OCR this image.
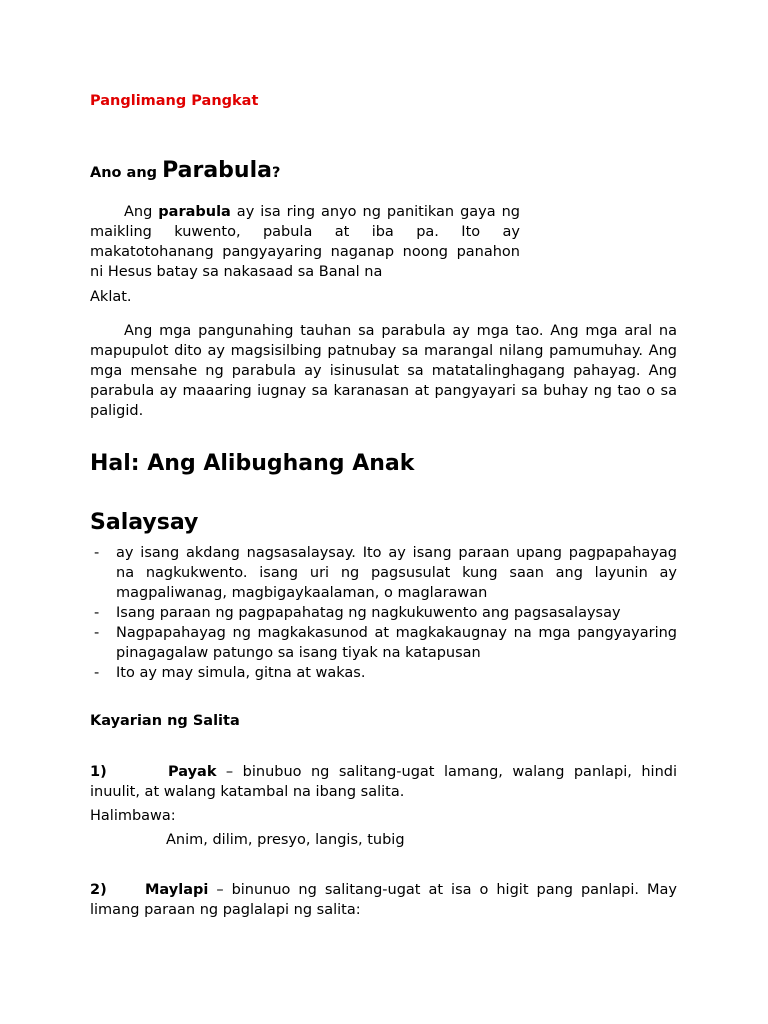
Panglimang Pangkat
Ano ang Parabula?
Ang parabula ay isa ring anyo ng panitikan gaya ng maikling kuwento, pabula at iba pa. Ito ay makatotohanang pangyayaring naganap noong panahon ni Hesus batay sa nakasaad sa Banal na
Aklat.
Ang mga pangunahing tauhan sa parabula ay mga tao. Ang mga aral na mapupulot dito ay magsisilbing patnubay sa marangal nilang pamumuhay. Ang mga mensahe ng parabula ay isinusulat sa matatalinghagang pahayag. Ang parabula ay maaaring iugnay sa karanasan at pangyayari sa buhay ng tao o sa paligid.
Hal: Ang Alibughang Anak
Salaysay
- ay isang akdang nagsasalaysay. Ito ay isang paraan upang pagpapahayag na nagkukwento. isang uri ng pagsusulat kung saan ang layunin ay magpaliwanag, magbigaykaalaman, o maglarawan
- Isang paraan ng pagpapahatag ng nagkukuwento ang pagsasalaysay
- Nagpapahayag ng magkakasunod at magkakaugnay na mga pangyayaring pinagagalaw patungo sa isang tiyak na katapusan
- Ito ay may simula, gitna at wakas.
Kayarian ng Salita
1)	Payak – binubuo ng salitang-ugat lamang, walang panlapi, hindi inuulit, at walang katambal na ibang salita.
Halimbawa:
Anim, dilim, presyo, langis, tubig
2)	Maylapi – binunuo ng salitang-ugat at isa o higit pang panlapi. May limang paraan ng paglalapi ng salita:
